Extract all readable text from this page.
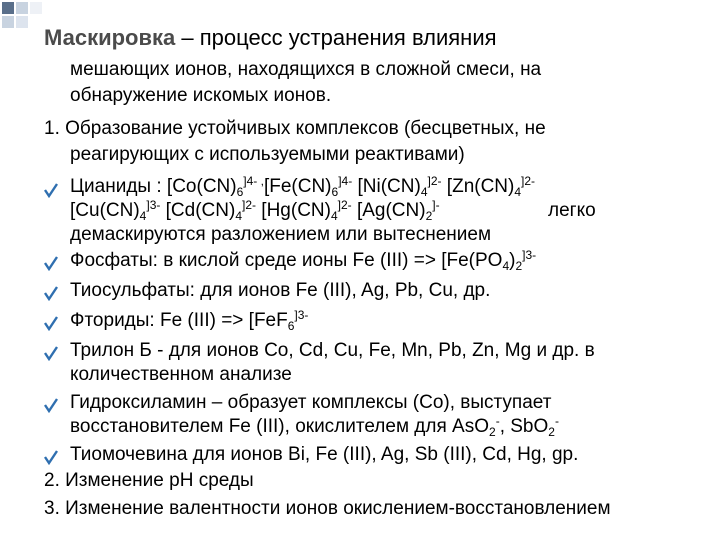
Маскировка – процесс устранения влияния
мешающих ионов, находящихся в сложной смеси, на
обнаружение искомых ионов.
1. Образование устойчивых комплексов (бесцветных, не
реагирующих с используемыми реактивами)
Цианиды : [$Co(CN)_6^{]4- ,}[Fe(CN)_6^{]4-}$ [$Ni(CN)_4^{]2-}$ [$Zn(CN)_4^{]2-}$
[$Cu(CN)_4^{]3-}$ [$Cd(CN)_4^{]2-}$ [$Hg(CN)_4^{]2-}$ [$Ag(CN)_2^{]-}$	легко
демаскируются разложением или вытеснением
Фосфаты: в кислой среде ионы Fe $(III) => [Fe(PO_4)_2^{]3-}$
Тиосульфаты: для ионов Fe (III), Ag, Pb, Cu, др.
Фториды: Fe (III) => [FeF$_6^{]3-}$
Трилон Б - для ионов Co, Cd, Cu, Fe, Mn, Pb, Zn, Mg и др. в
количественном анализе
Гидроксиламин – образует комплексы (Co), выступает
восстановителем Fe (III), окислителем для AsO$_2$-, SbO$_2$-
Тиомочевина для ионов Bi, Fe (III), Ag, Sb (III), Cd, Hg, gp.
2. Изменение pH среды
3. Изменение валентности ионов окислением-восстановлением
